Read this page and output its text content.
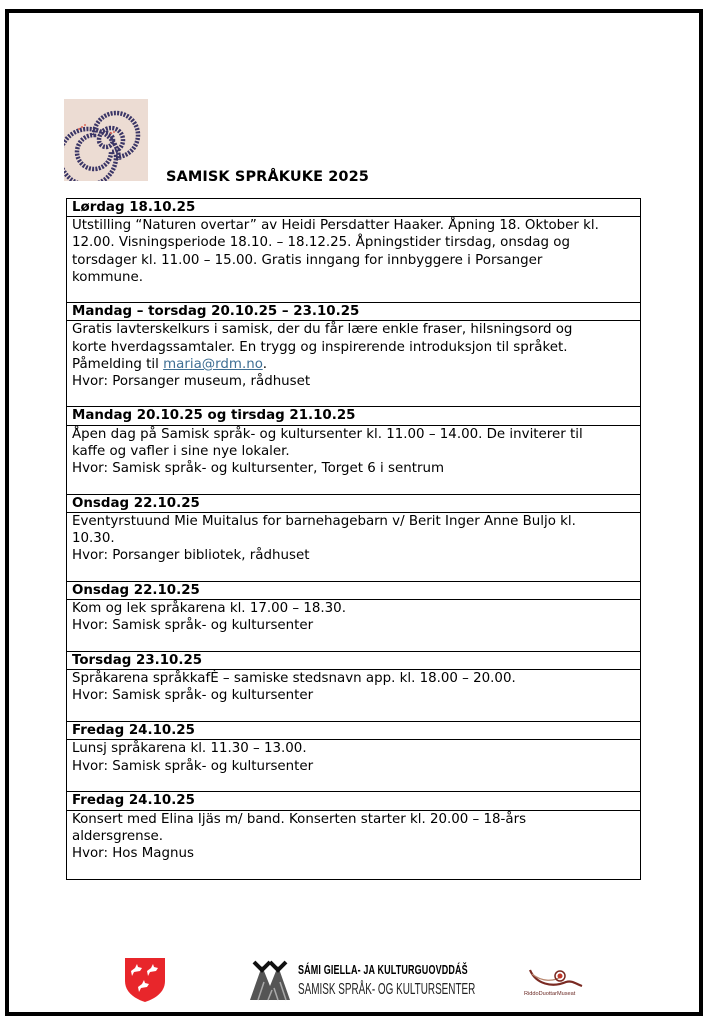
SAMISK SPRÅKUKE 2025
Lørdag 18.10.25

Utstilling “Naturen overtar” av Heidi Persdatter Haaker. Åpning 18. Oktober kl.
12.00. Visningsperiode 18.10. – 18.12.25. Åpningstider tirsdag, onsdag og
torsdager kl. 11.00 – 15.00. Gratis inngang for innbyggere i Porsanger
kommune.

Mandag – torsdag 20.10.25 – 23.10.25

Gratis lavterskelkurs i samisk, der du får lære enkle fraser, hilsningsord og
korte hverdagssamtaler. En trygg og inspirerende introduksjon til språket.
Påmelding til maria@rdm.no.
Hvor: Porsanger museum, rådhuset

Mandag 20.10.25 og tirsdag 21.10.25

Åpen dag på Samisk språk- og kultursenter kl. 11.00 – 14.00. De inviterer til
kaffe og vafler i sine nye lokaler.
Hvor: Samisk språk- og kultursenter, Torget 6 i sentrum

Onsdag 22.10.25

Eventyrstuund Mie Muitalus for barnehagebarn v/ Berit Inger Anne Buljo kl.
10.30.
Hvor: Porsanger bibliotek, rådhuset

Onsdag 22.10.25

Kom og lek språkarena kl. 17.00 – 18.30.
Hvor: Samisk språk- og kultursenter

Torsdag 23.10.25

Språkarena språkkafÈ – samiske stedsnavn app. kl. 18.00 – 20.00.
Hvor: Samisk språk- og kultursenter

Fredag 24.10.25

Lunsj språkarena kl. 11.30 – 13.00.
Hvor: Samisk språk- og kultursenter

Fredag 24.10.25

Konsert med Elina Ijäs m/ band. Konserten starter kl. 20.00 – 18-års
aldersgrense.
Hvor: Hos Magnus
SÁMI GIELLA- JA KULTURGUOVDDÁŠ
SAMISK SPRÅK- OG KULTURSENTER	RiddoDuottarMuseat
